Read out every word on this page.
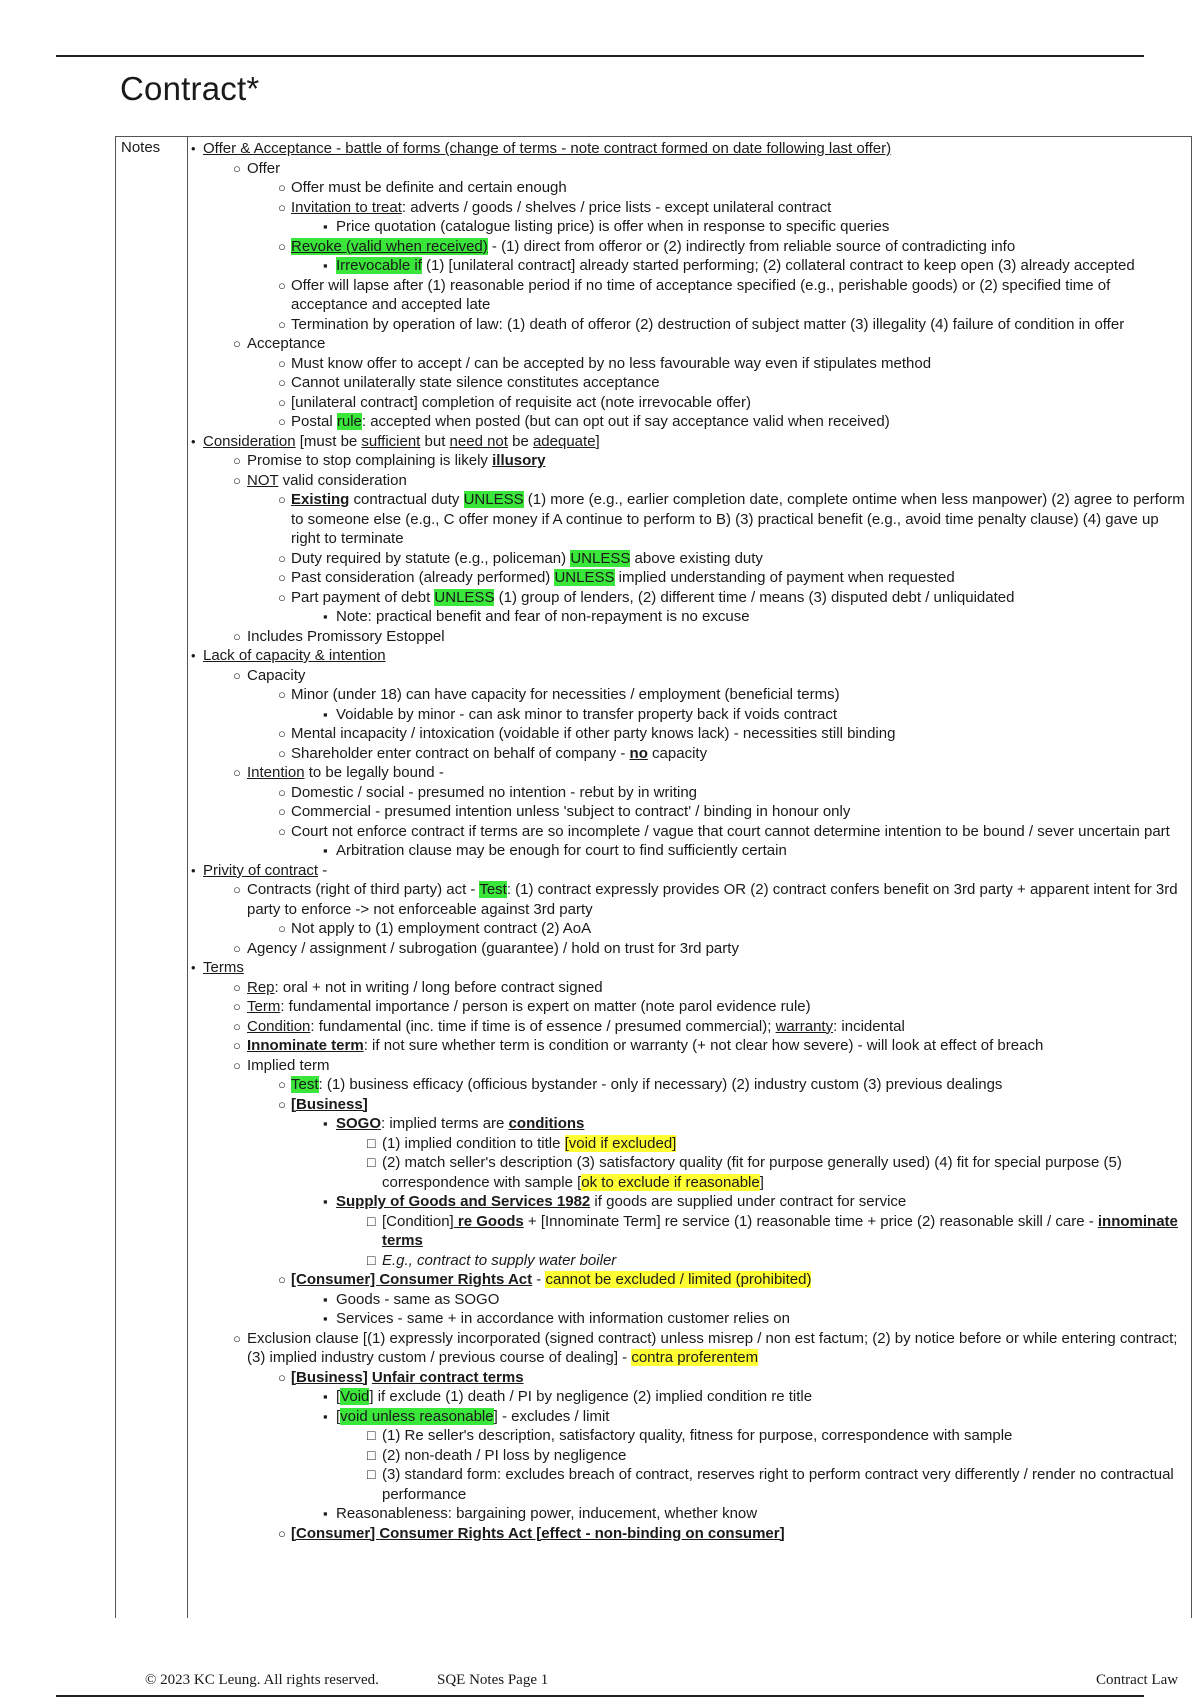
Contract*
Notes • Offer & Acceptance - battle of forms (change of terms - note contract formed on date following last offer)

○ Offer

○ Offer must be definite and certain enough

○ Invitation to treat: adverts / goods / shelves / price lists - except unilateral contract

▪ Price quotation (catalogue listing price) is offer when in response to specific queries

○ Revoke (valid when received) - (1) direct from offeror or (2) indirectly from reliable source of contradicting info

▪ Irrevocable if (1) [unilateral contract] already started performing; (2) collateral contract to keep open (3) already accepted

○ Offer will lapse after (1) reasonable period if no time of acceptance specified (e.g., perishable goods) or (2) specified time of acceptance and accepted late

○ Termination by operation of law: (1) death of offeror (2) destruction of subject matter (3) illegality (4) failure of condition in offer

○ Acceptance

○ Must know offer to accept / can be accepted by no less favourable way even if stipulates method

○ Cannot unilaterally state silence constitutes acceptance

○ [unilateral contract] completion of requisite act (note irrevocable offer)

○ Postal rule: accepted when posted (but can opt out if say acceptance valid when received)

• Consideration [must be sufficient but need not be adequate]

○ Promise to stop complaining is likely illusory

○ NOT valid consideration

○ Existing contractual duty UNLESS (1) more (e.g., earlier completion date, complete ontime when less manpower) (2) agree to perform to someone else (e.g., C offer money if A continue to perform to B) (3) practical benefit (e.g., avoid time penalty clause) (4) gave up right to terminate

○ Duty required by statute (e.g., policeman) UNLESS above existing duty

○ Past consideration (already performed) UNLESS implied understanding of payment when requested

○ Part payment of debt UNLESS (1) group of lenders, (2) different time / means (3) disputed debt / unliquidated

▪ Note: practical benefit and fear of non-repayment is no excuse

○ Includes Promissory Estoppel

• Lack of capacity & intention

○ Capacity

○ Minor (under 18) can have capacity for necessities / employment (beneficial terms)

▪ Voidable by minor - can ask minor to transfer property back if voids contract

○ Mental incapacity / intoxication (voidable if other party knows lack) - necessities still binding

○ Shareholder enter contract on behalf of company - no capacity

○ Intention to be legally bound -

○ Domestic / social - presumed no intention - rebut by in writing

○ Commercial - presumed intention unless 'subject to contract' / binding in honour only

○ Court not enforce contract if terms are so incomplete / vague that court cannot determine intention to be bound / sever uncertain part

▪ Arbitration clause may be enough for court to find sufficiently certain

• Privity of contract -

○ Contracts (right of third party) act - Test: (1) contract expressly provides OR (2) contract confers benefit on 3rd party + apparent intent for 3rd party to enforce -> not enforceable against 3rd party

○ Not apply to (1) employment contract (2) AoA

○ Agency / assignment / subrogation (guarantee) / hold on trust for 3rd party

• Terms

○ Rep: oral + not in writing / long before contract signed

○ Term: fundamental importance / person is expert on matter (note parol evidence rule)

○ Condition: fundamental (inc. time if time is of essence / presumed commercial); warranty: incidental

○ Innominate term: if not sure whether term is condition or warranty (+ not clear how severe) - will look at effect of breach

○ Implied term

○ Test: (1) business efficacy (officious bystander - only if necessary) (2) industry custom (3) previous dealings

○ [Business]

▪ SOGO: implied terms are conditions

□ (1) implied condition to title [void if excluded]

□ (2) match seller's description (3) satisfactory quality (fit for purpose generally used) (4) fit for special purpose (5) correspondence with sample [ok to exclude if reasonable]

▪ Supply of Goods and Services 1982 if goods are supplied under contract for service

□ [Condition] re Goods + [Innominate Term] re service (1) reasonable time + price (2) reasonable skill / care - innominate terms

□ E.g., contract to supply water boiler

○ [Consumer] Consumer Rights Act - cannot be excluded / limited (prohibited)

▪ Goods - same as SOGO

▪ Services - same + in accordance with information customer relies on

○ Exclusion clause [(1) expressly incorporated (signed contract) unless misrep / non est factum; (2) by notice before or while entering contract; (3) implied industry custom / previous course of dealing] - contra proferentem

○ [Business] Unfair contract terms

▪ [Void] if exclude (1) death / PI by negligence (2) implied condition re title

▪ [void unless reasonable] - excludes / limit

□ (1) Re seller's description, satisfactory quality, fitness for purpose, correspondence with sample

□ (2) non-death / PI loss by negligence

□ (3) standard form: excludes breach of contract, reserves right to perform contract very differently / render no contractual performance

▪ Reasonableness: bargaining power, inducement, whether know

○ [Consumer] Consumer Rights Act [effect - non-binding on consumer]

© 2023 KC Leung. All rights reserved.	SQE Notes Page 1	Contract Law
